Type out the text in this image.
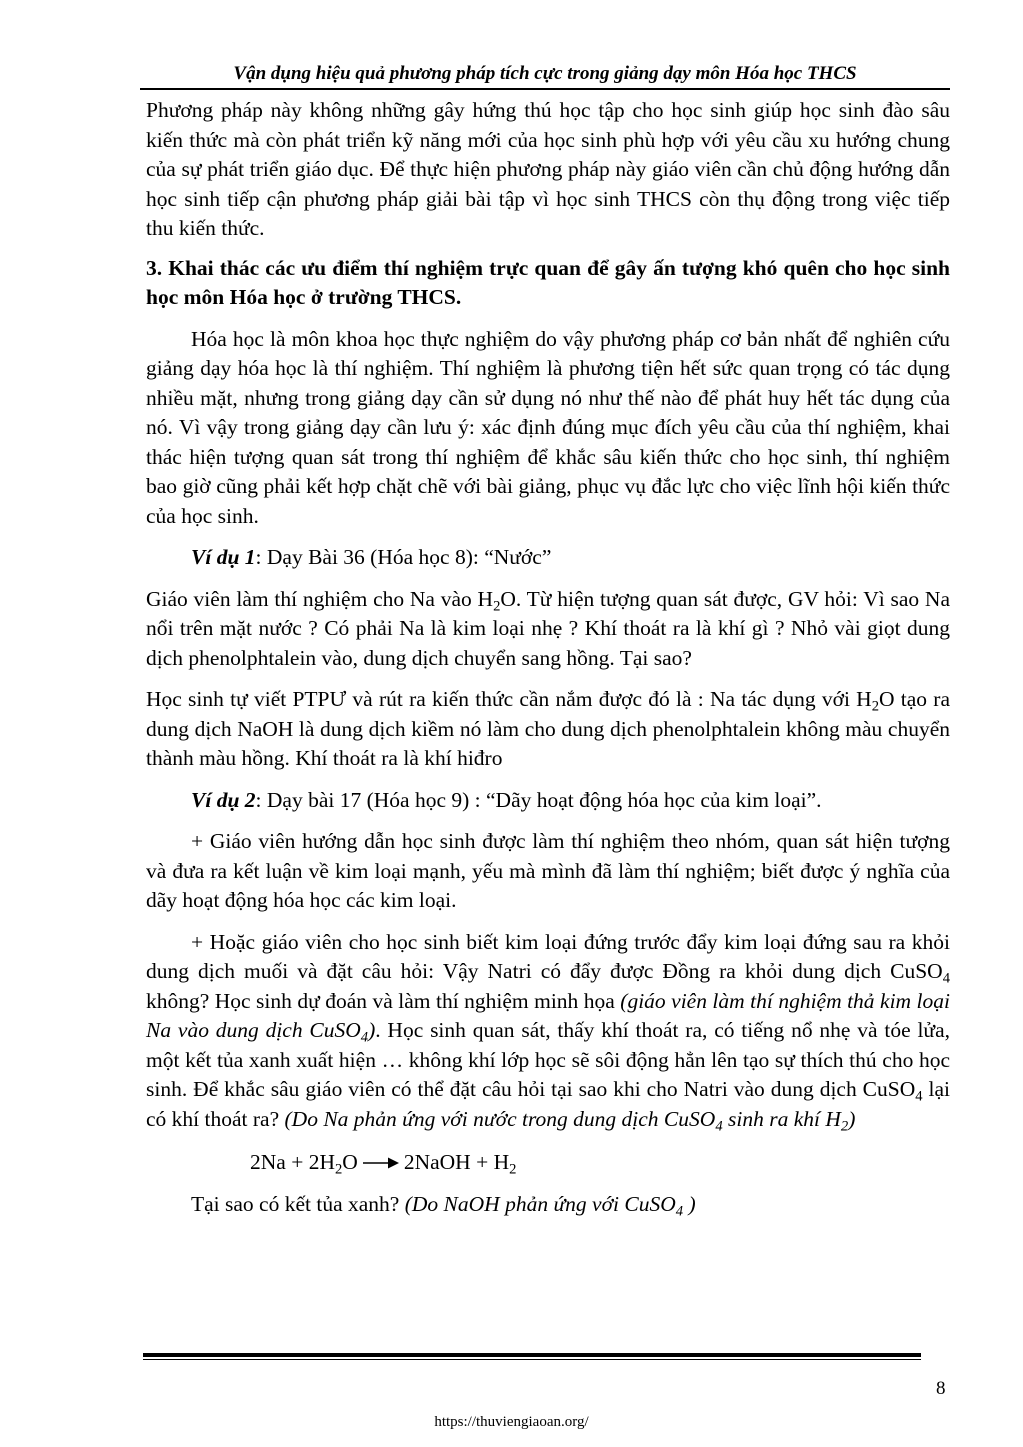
Vận dụng hiệu quả phương pháp tích cực trong giảng dạy môn Hóa học THCS

Phương pháp này không những gây hứng thú học tập cho học sinh giúp học sinh đào sâu kiến thức mà còn phát triển kỹ năng mới của học sinh phù hợp với yêu cầu xu hướng chung của sự phát triển giáo dục. Để thực hiện phương pháp này giáo viên cần chủ động hướng dẫn học sinh tiếp cận phương pháp giải bài tập vì học sinh THCS còn thụ động trong việc tiếp thu kiến thức.

3. Khai thác các ưu điểm thí nghiệm trực quan để gây ấn tượng khó quên cho học sinh học môn Hóa học ở trường THCS.

Hóa học là môn khoa học thực nghiệm do vậy phương pháp cơ bản nhất để nghiên cứu giảng dạy hóa học là thí nghiệm. Thí nghiệm là phương tiện hết sức quan trọng có tác dụng nhiều mặt, nhưng trong giảng dạy cần sử dụng nó như thế nào để phát huy hết tác dụng của nó. Vì vậy trong giảng dạy cần lưu ý: xác định đúng mục đích yêu cầu của thí nghiệm, khai thác hiện tượng quan sát trong thí nghiệm để khắc sâu kiến thức cho học sinh, thí nghiệm bao giờ cũng phải kết hợp chặt chẽ với bài giảng, phục vụ đắc lực cho việc lĩnh hội kiến thức của học sinh.

Ví dụ 1: Dạy Bài 36 (Hóa học 8): “Nước”

Giáo viên làm thí nghiệm cho Na vào $H_2O$. Từ hiện tượng quan sát được, GV hỏi: Vì sao Na nổi trên mặt nước ? Có phải Na là kim loại nhẹ ? Khí thoát ra là khí gì ? Nhỏ vài giọt dung dịch phenolphtalein vào, dung dịch chuyển sang hồng. Tại sao?

Học sinh tự viết PTPƯ và rút ra kiến thức cần nắm được đó là : Na tác dụng với $H_2O$ tạo ra dung dịch NaOH là dung dịch kiềm nó làm cho dung dịch phenolphtalein không màu chuyển thành màu hồng. Khí thoát ra là khí hiđro

Ví dụ 2: Dạy bài 17 (Hóa học 9) : “Dãy hoạt động hóa học của kim loại”.

+ Giáo viên hướng dẫn học sinh được làm thí nghiệm theo nhóm, quan sát hiện tượng và đưa ra kết luận về kim loại mạnh, yếu mà mình đã làm thí nghiệm; biết được ý nghĩa của dãy hoạt động hóa học các kim loại.

+ Hoặc giáo viên cho học sinh biết kim loại đứng trước đẩy kim loại đứng sau ra khỏi dung dịch muối và đặt câu hỏi: Vậy Natri có đẩy được Đồng ra khỏi dung dịch CuSO$_4$ không? Học sinh dự đoán và làm thí nghiệm minh họa (giáo viên làm thí nghiệm thả kim loại Na vào dung dịch CuSO$_4$). Học sinh quan sát, thấy khí thoát ra, có tiếng nổ nhẹ và tóe lửa, một kết tủa xanh xuất hiện … không khí lớp học sẽ sôi động hẳn lên tạo sự thích thú cho học sinh. Để khắc sâu giáo viên có thể đặt câu hỏi tại sao khi cho Natri vào dung dịch CuSO$_4$ lại có khí thoát ra? (Do Na phản ứng với nước trong dung dịch CuSO$_4$ sinh ra khí $H_2$)

$2Na + 2H_2O$ → 2NaOH + $H_2$

Tại sao có kết tủa xanh? (Do NaOH phản ứng với CuSO$_4$ )

8
https://thuviengiaoan.org/
